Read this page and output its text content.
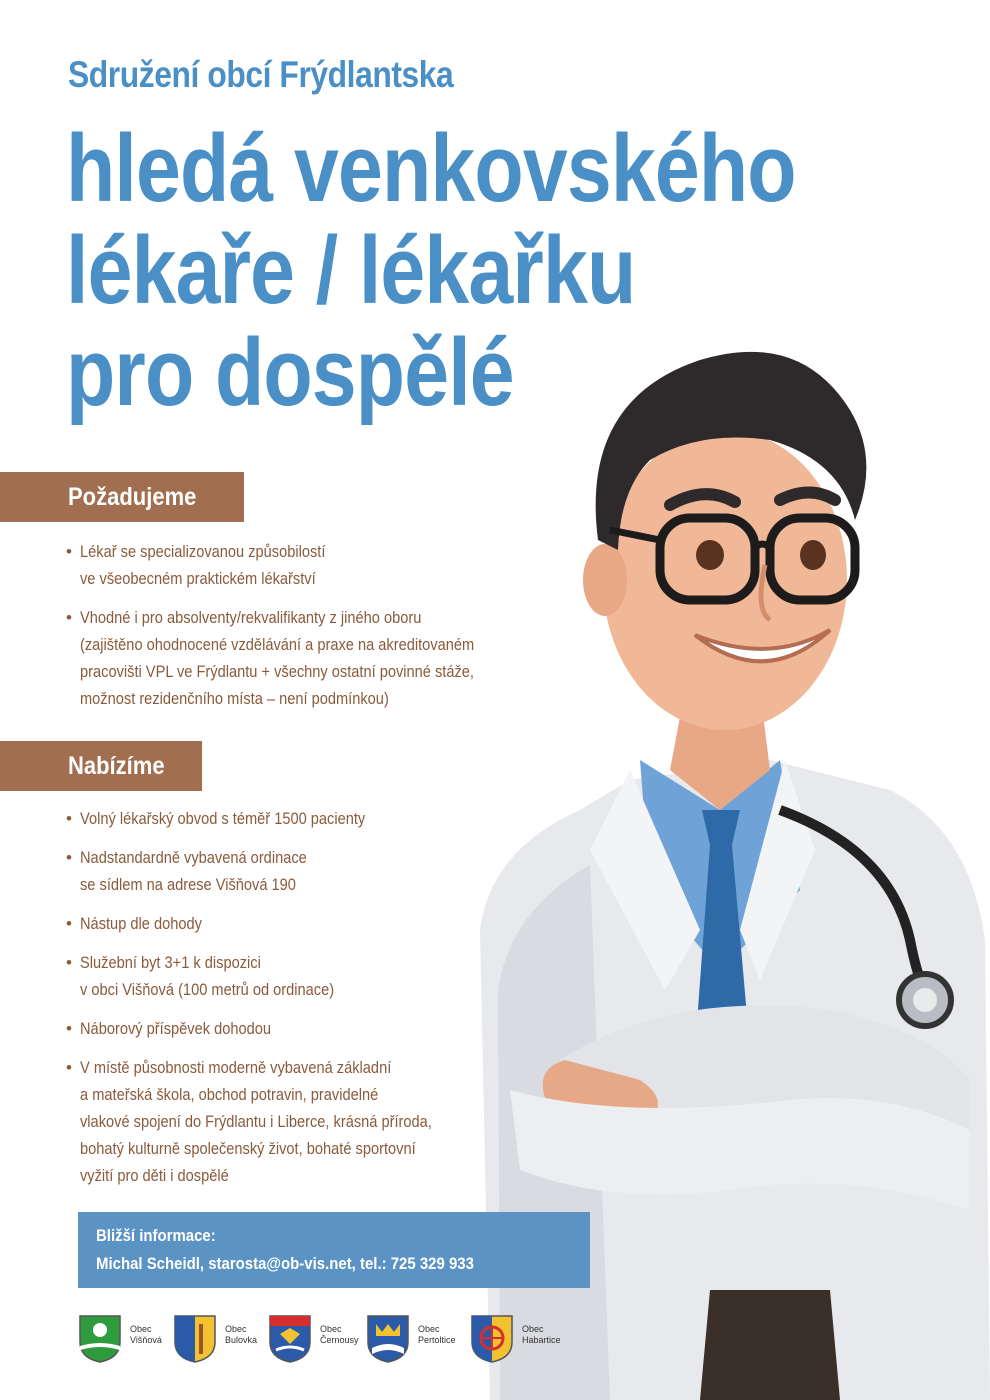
Sdružení obcí Frýdlantska
hledá venkovského
lékaře / lékařku
pro dospělé
Požadujeme
• Lékař se specializovanou způsobilostí
ve všeobecném praktickém lékařství
• Vhodné i pro absolventy/rekvalifikanty z jiného oboru
(zajištěno ohodnocené vzdělávání a praxe na akreditovaném
pracovišti VPL ve Frýdlantu + všechny ostatní povinné stáže,
možnost rezidenčního místa – není podmínkou)
Nabízíme
• Volný lékařský obvod s téměř 1500 pacienty
• Nadstandardně vybavená ordinace
se sídlem na adrese Višňová 190
• Nástup dle dohody
• Služební byt 3+1 k dispozici
v obci Višňová (100 metrů od ordinace)
• Náborový příspěvek dohodou
• V místě působnosti moderně vybavená základní
a mateřská škola, obchod potravin, pravidelné
vlakové spojení do Frýdlantu i Liberce, krásná příroda,
bohatý kulturně společenský život, bohaté sportovní
vyžití pro děti i dospělé
Bližší informace:
Michal Scheidl, starosta@ob-vis.net, tel.: 725 329 933
Obec
Višňová
Obec
Bulovka
Obec
Černousy
Obec
Pertoltice
Obec
Habartice
